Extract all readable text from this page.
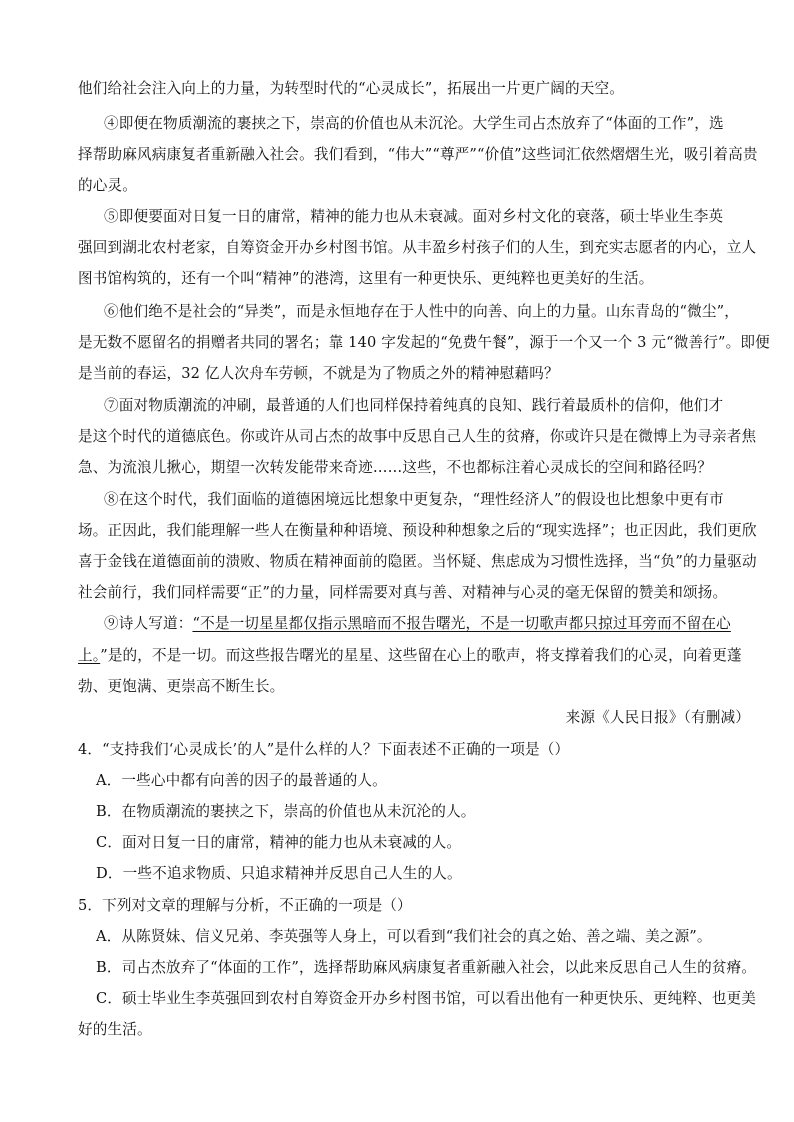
他们给社会注入向上的力量，为转型时代的“心灵成长”，拓展出一片更广阔的天空。
④即便在物质潮流的裹挟之下，崇高的价值也从未沉沦。大学生司占杰放弃了“体面的工作”，选
择帮助麻风病康复者重新融入社会。我们看到，“伟大”“尊严”“价值”这些词汇依然熠熠生光，吸引着高贵
的心灵。
⑤即便要面对日复一日的庸常，精神的能力也从未衰减。面对乡村文化的衰落，硕士毕业生李英
强回到湖北农村老家，自筹资金开办乡村图书馆。从丰盈乡村孩子们的人生，到充实志愿者的内心，立人
图书馆构筑的，还有一个叫“精神”的港湾，这里有一种更快乐、更纯粹也更美好的生活。
⑥他们绝不是社会的“异类”，而是永恒地存在于人性中的向善、向上的力量。山东青岛的“微尘”，
是无数不愿留名的捐赠者共同的署名；靠 140 字发起的“免费午餐”，源于一个又一个 3 元“微善行”。即便
是当前的春运，32 亿人次舟车劳顿，不就是为了物质之外的精神慰藉吗？
⑦面对物质潮流的冲刷，最普通的人们也同样保持着纯真的良知、践行着最质朴的信仰，他们才
是这个时代的道德底色。你或许从司占杰的故事中反思自己人生的贫瘠，你或许只是在微博上为寻亲者焦
急、为流浪儿揪心，期望一次转发能带来奇迹……这些，不也都标注着心灵成长的空间和路径吗？
⑧在这个时代，我们面临的道德困境远比想象中更复杂，“理性经济人”的假设也比想象中更有市
场。正因此，我们能理解一些人在衡量种种语境、预设种种想象之后的“现实选择”；也正因此，我们更欣
喜于金钱在道德面前的溃败、物质在精神面前的隐匿。当怀疑、焦虑成为习惯性选择，当“负”的力量驱动
社会前行，我们同样需要“正”的力量，同样需要对真与善、对精神与心灵的毫无保留的赞美和颂扬。
⑨诗人写道：“不是一切星星都仅指示黑暗而不报告曙光，不是一切歌声都只掠过耳旁而不留在心
上。”是的，不是一切。而这些报告曙光的星星、这些留在心上的歌声，将支撑着我们的心灵，向着更蓬
勃、更饱满、更崇高不断生长。
来源《人民日报》（有删减）
4．“支持我们‘心灵成长’的人”是什么样的人？下面表述不正确的一项是（）
A．一些心中都有向善的因子的最普通的人。
B．在物质潮流的裹挟之下，崇高的价值也从未沉沦的人。
C．面对日复一日的庸常，精神的能力也从未衰减的人。
D．一些不追求物质、只追求精神并反思自己人生的人。
5．下列对文章的理解与分析，不正确的一项是（）
A．从陈贤妹、信义兄弟、李英强等人身上，可以看到“我们社会的真之始、善之端、美之源”。
B．司占杰放弃了“体面的工作”，选择帮助麻风病康复者重新融入社会，以此来反思自己人生的贫瘠。
C．硕士毕业生李英强回到农村自筹资金开办乡村图书馆，可以看出他有一种更快乐、更纯粹、也更美
好的生活。
